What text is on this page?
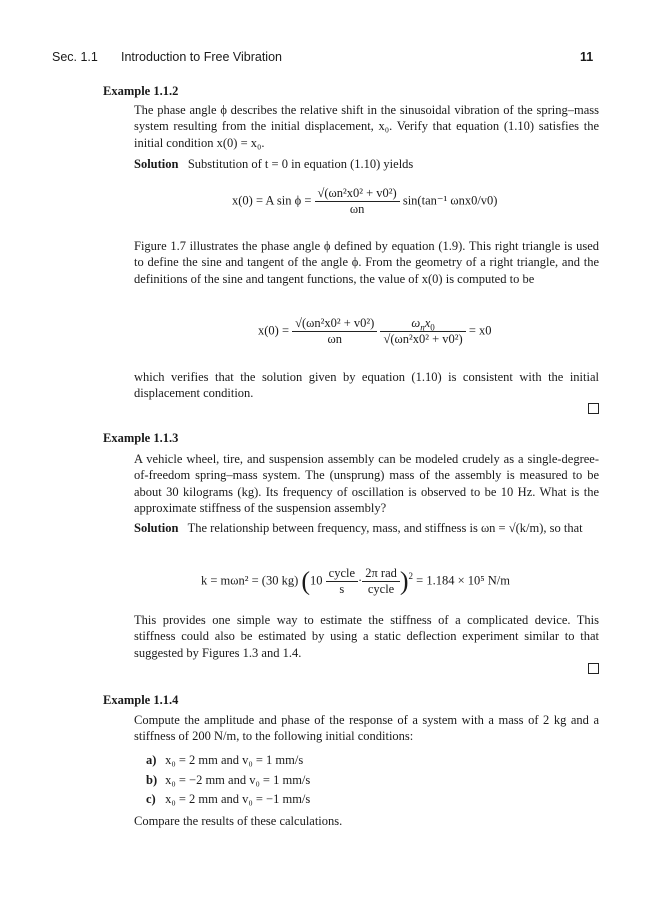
Sec. 1.1 Introduction to Free Vibration	11
Example 1.1.2
The phase angle ϕ describes the relative shift in the sinusoidal vibration of the spring–mass system resulting from the initial displacement, x₀. Verify that equation (1.10) satisfies the initial condition x(0) = x₀.
Solution Substitution of t = 0 in equation (1.10) yields
x(0) = A $\sin \phi = \frac{\text{√(ωn²x0² + v0²)}}{\omega n} \sin(\tan^{-1}$ ωnx0/v0)
Figure 1.7 illustrates the phase angle ϕ defined by equation (1.9). This right triangle is used to define the sine and tangent of the angle ϕ. From the geometry of a right triangle, and the definitions of the sine and tangent functions, the value of x(0) is computed to be
$x(0) = \frac{\text{√(ωn²x0² + v0²)}}{\omega n}$
$\frac{\omega_nx_0}{\text{√(ωn²x0² + v0²)}} = x0$
which verifies that the solution given by equation (1.10) is consistent with the initial displacement condition.
Example 1.1.3
A vehicle wheel, tire, and suspension assembly can be modeled crudely as a single-degree-of-freedom spring–mass system. The (unsprung) mass of the assembly is measured to be about 30 kilograms (kg). Its frequency of oscillation is observed to be 10 Hz. What is the approximate stiffness of the suspension assembly?
Solution The relationship between frequency, mass, and stiffness is ωn = √(k/m), so that
k = mωn² = (30 kg) $(10 \frac{\text{cycle}}{s} \cdot \frac{\text{2π rad}}{\text{cycle}} )^2 = 1.184 \times 10^5$ N/m
This provides one simple way to estimate the stiffness of a complicated device. This stiffness could also be estimated by using a static deflection experiment similar to that suggested by Figures 1.3 and 1.4.
Example 1.1.4
Compute the amplitude and phase of the response of a system with a mass of 2 kg and a stiffness of 200 N/m, to the following initial conditions:
a) x₀ = 2 mm and v₀ = 1 mm/s
b) x₀ = −2 mm and v₀ = 1 mm/s
c) x₀ = 2 mm and v₀ = −1 mm/s
Compare the results of these calculations.
